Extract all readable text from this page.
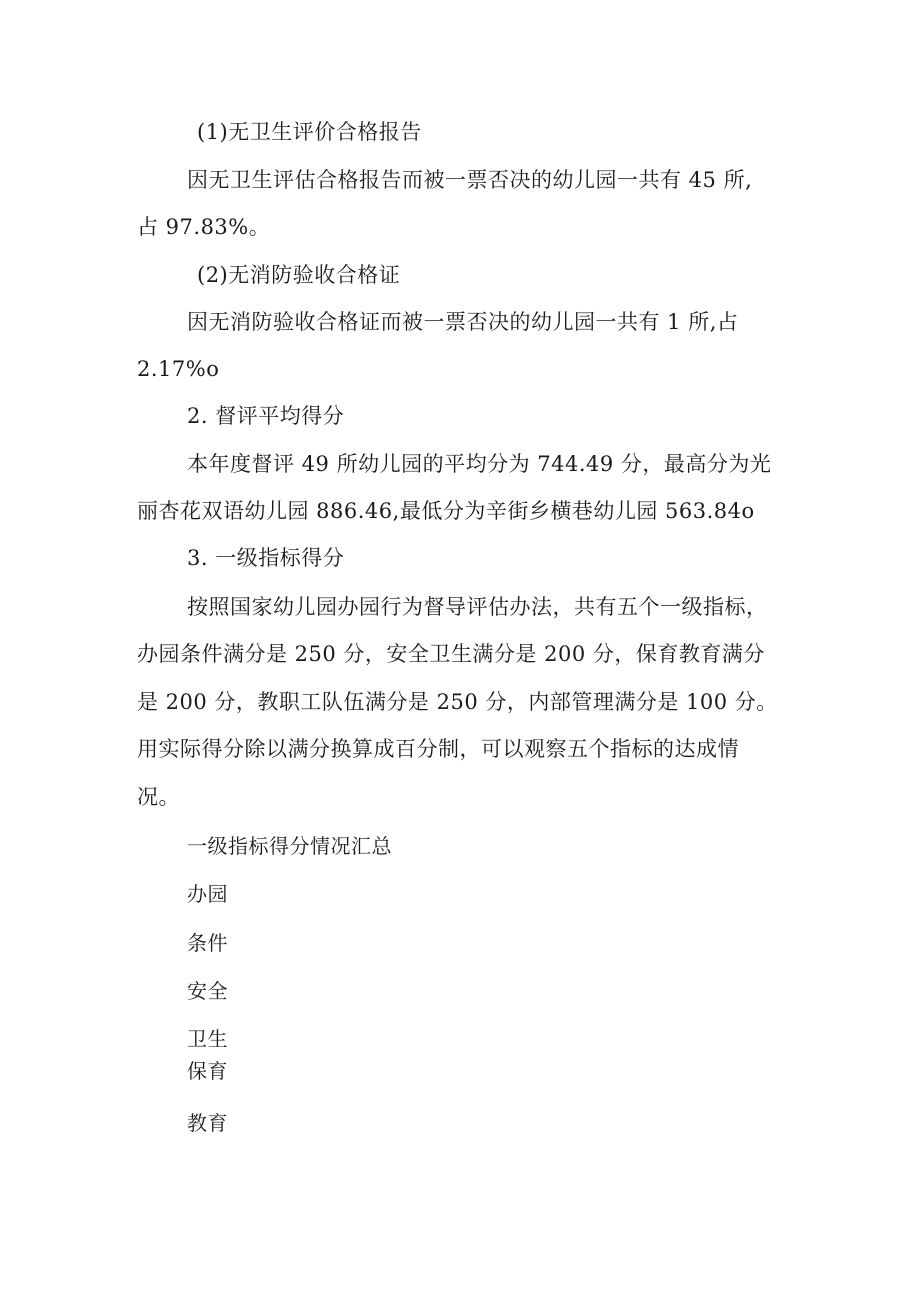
(1)无卫生评价合格报告

因无卫生评估合格报告而被一票否决的幼儿园一共有 45 所,

占 97.83%。

(2)无消防验收合格证

因无消防验收合格证而被一票否决的幼儿园一共有 1 所,占

2.17%o

2. 督评平均得分

本年度督评 49 所幼儿园的平均分为 744.49 分，最高分为光

丽杏花双语幼儿园 886.46,最低分为辛街乡横巷幼儿园 563.84o

3. 一级指标得分

按照国家幼儿园办园行为督导评估办法，共有五个一级指标，

办园条件满分是 250 分，安全卫生满分是 200 分，保育教育满分

是 200 分，教职工队伍满分是 250 分，内部管理满分是 100 分。

用实际得分除以满分换算成百分制，可以观察五个指标的达成情

况。

一级指标得分情况汇总

办园

条件

安全

卫生

保育

教育
